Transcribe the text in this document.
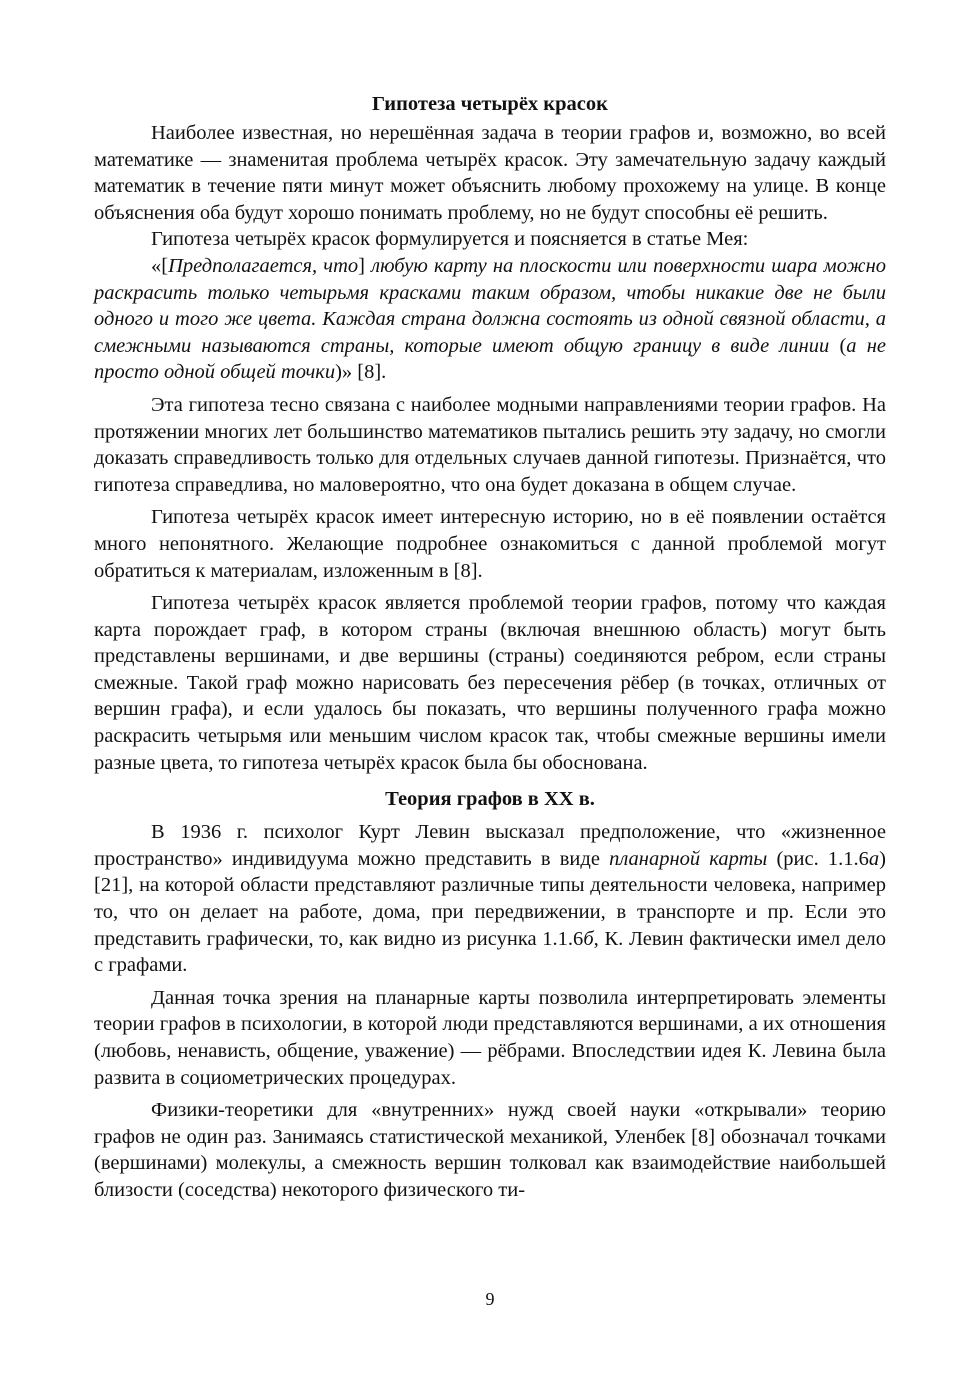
Гипотеза четырёх красок

Наиболее известная, но нерешённая задача в теории графов и, возможно, во всей математике — знаменитая проблема четырёх красок. Эту замечательную задачу каждый математик в течение пяти минут может объяснить любому прохожему на улице. В конце объяснения оба будут хорошо понимать проблему, но не будут способны её решить.

Гипотеза четырёх красок формулируется и поясняется в статье Мея:

«[Предполагается, что] любую карту на плоскости или поверхности шара можно раскрасить только четырьмя красками таким образом, чтобы никакие две не были одного и того же цвета. Каждая страна должна состоять из одной связной области, а смежными называются страны, которые имеют общую границу в виде линии (а не просто одной общей точки)» [8].

Эта гипотеза тесно связана с наиболее модными направлениями теории графов. На протяжении многих лет большинство математиков пытались решить эту задачу, но смогли доказать справедливость только для отдельных случаев данной гипотезы. Признаётся, что гипотеза справедлива, но маловероятно, что она будет доказана в общем случае.

Гипотеза четырёх красок имеет интересную историю, но в её появлении остаётся много непонятного. Желающие подробнее ознакомиться с данной проблемой могут обратиться к материалам, изложенным в [8].

Гипотеза четырёх красок является проблемой теории графов, потому что каждая карта порождает граф, в котором страны (включая внешнюю область) могут быть представлены вершинами, и две вершины (страны) соединяются ребром, если страны смежные. Такой граф можно нарисовать без пересечения рёбер (в точках, отличных от вершин графа), и если удалось бы показать, что вершины полученного графа можно раскрасить четырьмя или меньшим числом красок так, чтобы смежные вершины имели разные цвета, то гипотеза четырёх красок была бы обоснована.

Теория графов в XX в.

В 1936 г. психолог Курт Левин высказал предположение, что «жизненное пространство» индивидуума можно представить в виде планарной карты (рис. 1.1.6а) [21], на которой области представляют различные типы деятельности человека, например то, что он делает на работе, дома, при передвижении, в транспорте и пр. Если это представить графически, то, как видно из рисунка 1.1.6б, К. Левин фактически имел дело с графами.

Данная точка зрения на планарные карты позволила интерпретировать элементы теории графов в психологии, в которой люди представляются вершинами, а их отношения (любовь, ненависть, общение, уважение) — рёбрами. Впоследствии идея К. Левина была развита в социометрических процедурах.

Физики-теоретики для «внутренних» нужд своей науки «открывали» теорию графов не один раз. Занимаясь статистической механикой, Уленбек [8] обозначал точками (вершинами) молекулы, а смежность вершин толковал как взаимодействие наибольшей близости (соседства) некоторого физического ти-

9
